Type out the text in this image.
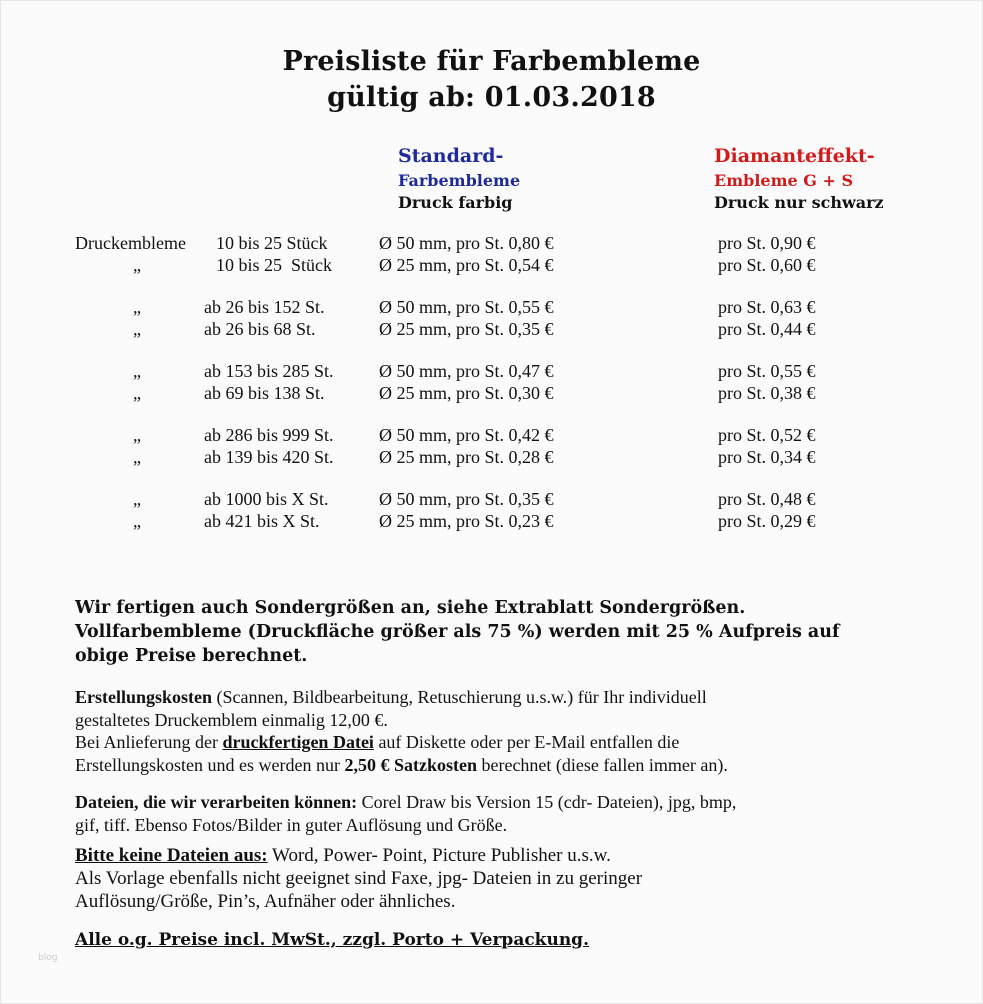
Preisliste für Farbembleme
gültig ab: 01.03.2018
Standard-
Farbembleme
Druck farbig
Diamanteffekt-
Embleme G + S
Druck nur schwarz
Druckembleme 10 bis 25 Stück	Ø 50 mm, pro St. 0,80 €	pro St. 0,90 €
„	10 bis 25  Stück	Ø 25 mm, pro St. 0,54 €	pro St. 0,60 €
„	ab 26 bis 152 St.	Ø 50 mm, pro St. 0,55 €	pro St. 0,63 €
„	ab 26 bis 68 St.	Ø 25 mm, pro St. 0,35 €	pro St. 0,44 €
„	ab 153 bis 285 St.	Ø 50 mm, pro St. 0,47 €	pro St. 0,55 €
„	ab 69 bis 138 St.	Ø 25 mm, pro St. 0,30 €	pro St. 0,38 €
„	ab 286 bis 999 St.	Ø 50 mm, pro St. 0,42 €	pro St. 0,52 €
„	ab 139 bis 420 St.	Ø 25 mm, pro St. 0,28 €	pro St. 0,34 €
„	ab 1000 bis X St.	Ø 50 mm, pro St. 0,35 €	pro St. 0,48 €
„	ab 421 bis X St.	Ø 25 mm, pro St. 0,23 €	pro St. 0,29 €
Wir fertigen auch Sondergrößen an, siehe Extrablatt Sondergrößen.
Vollfarbembleme (Druckfläche größer als 75 %) werden mit 25 % Aufpreis auf
obige Preise berechnet.
Erstellungskosten (Scannen, Bildbearbeitung, Retuschierung u.s.w.) für Ihr individuell
gestaltetes Druckemblem einmalig 12,00 €.
Bei Anlieferung der druckfertigen Datei auf Diskette oder per E-Mail entfallen die
Erstellungskosten und es werden nur 2,50 € Satzkosten berechnet (diese fallen immer an).
Dateien, die wir verarbeiten können: Corel Draw bis Version 15 (cdr- Dateien), jpg, bmp,
gif, tiff. Ebenso Fotos/Bilder in guter Auflösung und Größe.
Bitte keine Dateien aus: Word, Power- Point, Picture Publisher u.s.w.
Als Vorlage ebenfalls nicht geeignet sind Faxe, jpg- Dateien in zu geringer
Auflösung/Größe, Pin’s, Aufnäher oder ähnliches.
Alle o.g. Preise incl. MwSt., zzgl. Porto + Verpackung.
blog
